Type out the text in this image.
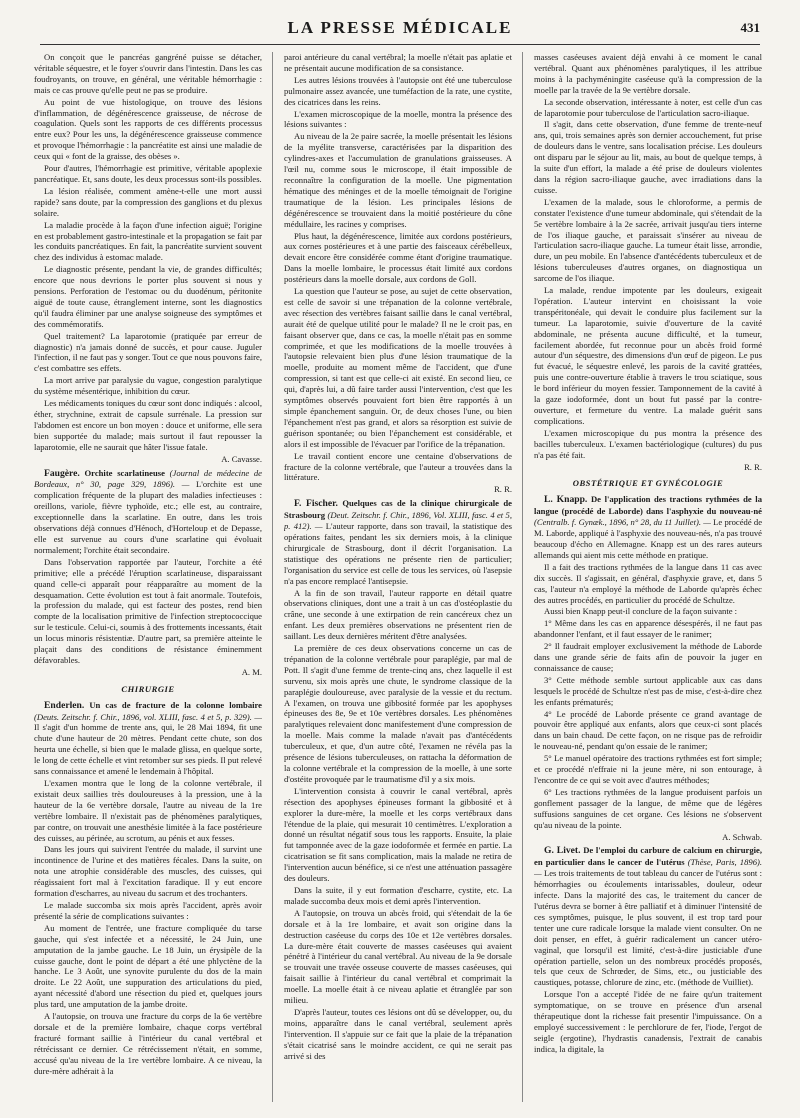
LA PRESSE MÉDICALE	431

On conçoit que le pancréas gangréné puisse se détacher, véritable séquestre, et le foyer s'ouvrir dans l'intestin. Dans les cas foudroyants, on trouve, en général, une véritable hémorrhagie : mais ce cas prouve qu'elle peut ne pas se produire.

Au point de vue histologique, on trouve des lésions d'inflammation, de dégénérescence graisseuse, de nécrose de coagulation. Quels sont les rapports de ces différents processus entre eux? Pour les uns, la dégénérescence graisseuse commence et provoque l'hémorrhagie : la pancréatite est ainsi une maladie de ceux qui « font de la graisse, des obèses ».

Pour d'autres, l'hémorrhagie est primitive, véritable apoplexie pancréatique. Et, sans doute, les deux processus sont-ils possibles.

La lésion réalisée, comment amène-t-elle une mort aussi rapide? sans doute, par la compression des ganglions et du plexus solaire.

La maladie procède à la façon d'une infection aiguë; l'origine en est probablement gastro-intestinale et la propagation se fait par les conduits pancréatiques. En fait, la pancréatite survient souvent chez des individus à estomac malade.

Le diagnostic présente, pendant la vie, de grandes difficultés; encore que nous devrions le porter plus souvent si nous y pensions. Perforation de l'estomac ou du duodénum, péritonite aiguë de toute cause, étranglement interne, sont les diagnostics qu'il faudra éliminer par une analyse soigneuse des symptômes et des commémoratifs.

Quel traitement? La laparotomie (pratiquée par erreur de diagnostic) n'a jamais donné de succès, et pour cause. Juguler l'infection, il ne faut pas y songer. Tout ce que nous pouvons faire, c'est combattre ses effets.

La mort arrive par paralysie du vague, congestion paralytique du système mésentérique, inhibition du cœur.

Les médicaments toniques du cœur sont donc indiqués : alcool, éther, strychnine, extrait de capsule surrénale. La pression sur l'abdomen est encore un bon moyen : douce et uniforme, elle sera bien supportée du malade; mais surtout il faut repousser la laparotomie, elle ne saurait que hâter l'issue fatale.

A. Cavasse.

Faugère. Orchite scarlatineuse (Journal de médecine de Bordeaux, n° 30, page 329, 1896). — L'orchite est une complication fréquente de la plupart des maladies infectieuses : oreillons, variole, fièvre typhoïde, etc.; elle est, au contraire, exceptionnelle dans la scarlatine. En outre, dans les trois observations déjà connues d'Hénoch, d'Horteloup et de Depasse, elle est survenue au cours d'une scarlatine qui évoluait normalement; l'orchite était secondaire.

Dans l'observation rapportée par l'auteur, l'orchite a été primitive; elle a précédé l'éruption scarlatineuse, disparaissant quand celle-ci apparaît pour réapparaître au moment de la desquamation. Cette évolution est tout à fait anormale. Toutefois, la profession du malade, qui est facteur des postes, rend bien compte de la localisation primitive de l'infection streptococcique sur le testicule. Celui-ci, soumis à des frottements incessants, était un locus minoris résistentiæ. D'autre part, sa première atteinte le plaçait dans des conditions de résistance éminemment défavorables.

A. M.
CHIRURGIE

Enderlen. Un cas de fracture de la colonne lombaire (Deuts. Zeitschr. f. Chir., 1896, vol. XLIII, fasc. 4 et 5, p. 329). — Il s'agit d'un homme de trente ans, qui, le 28 Mai 1894, fit une chute d'une hauteur de 20 mètres. Pendant cette chute, son dos heurta une échelle, si bien que le malade glissa, en quelque sorte, le long de cette échelle et vint retomber sur ses pieds. Il put relevé sans connaissance et amené le lendemain à l'hôpital.

L'examen montra que le long de la colonne vertébrale, il existait deux saillies très douloureuses à la pression, une à la hauteur de la 6e vertèbre dorsale, l'autre au niveau de la 1re vertèbre lombaire. Il n'existait pas de phénomènes paralytiques, par contre, on trouvait une anesthésie limitée à la face postérieure des cuisses, au périnée, au scrotum, au pénis et aux fesses.

Dans les jours qui suivirent l'entrée du malade, il survint une incontinence de l'urine et des matières fécales. Dans la suite, on nota une atrophie considérable des muscles, des cuisses, qui réagissaient fort mal à l'excitation faradique. Il y eut encore formation d'escharres, au niveau du sacrum et des trochanters.

Le malade succomba six mois après l'accident, après avoir présenté la série de complications suivantes :

Au moment de l'entrée, une fracture compliquée du tarse gauche, qui s'est infectée et a nécessité, le 24 Juin, une amputation de la jambe gauche. Le 18 Juin, un érysipèle de la cuisse gauche, dont le point de départ a été une phlyctène de la hanche. Le 3 Août, une synovite purulente du dos de la main droite. Le 22 Août, une suppuration des articulations du pied, ayant nécessité d'abord une résection du pied et, quelques jours plus tard, une amputation de la jambe droite.

A l'autopsie, on trouva une fracture du corps de la 6e vertèbre dorsale et de la première lombaire, chaque corps vertébral fracturé formant saillie à l'intérieur du canal vertébral et rétrécissant ce dernier. Ce rétrécissement n'était, en somme, accusé qu'au niveau de la 1re vertèbre lombaire. A ce niveau, la dure-mère adhérait à la

paroi antérieure du canal vertébral; la moelle n'était pas aplatie et ne présentait aucune modification de sa consistance.

Les autres lésions trouvées à l'autopsie ont été une tuberculose pulmonaire assez avancée, une tuméfaction de la rate, une cystite, des cicatrices dans les reins.

L'examen microscopique de la moelle, montra la présence des lésions suivantes :

Au niveau de la 2e paire sacrée, la moelle présentait les lésions de la myélite transverse, caractérisées par la disparition des cylindres-axes et l'accumulation de granulations graisseuses. A l'œil nu, comme sous le microscope, il était impossible de reconnaître la configuration de la moelle. Une pigmentation hématique des méninges et de la moelle témoignait de l'origine traumatique de la lésion. Les principales lésions de dégénérescence se trouvaient dans la moitié postérieure du cône médullaire, les racines y comprises.

Plus haut, la dégénérescence, limitée aux cordons postérieurs, aux cornes postérieures et à une partie des faisceaux cérébelleux, devait encore être considérée comme étant d'origine traumatique. Dans la moelle lombaire, le processus était limité aux cordons postérieurs dans la moelle dorsale, aux cordons de Goll.

La question que l'auteur se pose, au sujet de cette observation, est celle de savoir si une trépanation de la colonne vertébrale, avec résection des vertèbres faisant saillie dans le canal vertébral, aurait été de quelque utilité pour le malade? Il ne le croit pas, en faisant observer que, dans ce cas, la moelle n'était pas en somme comprimée, et que les modifications de la moelle trouvées à l'autopsie relevaient bien plus d'une lésion traumatique de la moelle, produite au moment même de l'accident, que d'une compression, si tant est que celle-ci ait existé. En second lieu, ce qui, d'après lui, a dû faire tarder aussi l'intervention, c'est que les symptômes observés pouvaient fort bien être rapportés à un simple épanchement sanguin. Or, de deux choses l'une, ou bien l'épanchement n'est pas grand, et alors sa résorption est suivie de guérison spontanée; ou bien l'épanchement est considérable, et alors il est impossible de l'évacuer par l'orifice de la trépanation.

Le travail contient encore une centaine d'observations de fracture de la colonne vertébrale, que l'auteur a trouvées dans la littérature.

R. R.

F. Fischer. Quelques cas de la clinique chirurgicale de Strasbourg (Deut. Zeitschr. f. Chir., 1896, Vol. XLIII, fasc. 4 et 5, p. 412). — L'auteur rapporte, dans son travail, la statistique des opérations faites, pendant les six derniers mois, à la clinique chirurgicale de Strasbourg, dont il décrit l'organisation. La statistique des opérations ne présente rien de particulier; l'organisation du service est celle de tous les services, où l'asepsie n'a pas encore remplacé l'antisepsie.

A la fin de son travail, l'auteur rapporte en détail quatre observations cliniques, dont une a trait à un cas d'ostéoplastie du crâne, une seconde à une extirpation de rein cancéreux chez un enfant. Les deux premières observations ne présentent rien de saillant. Les deux dernières méritent d'être analysées.

La première de ces deux observations concerne un cas de trépanation de la colonne vertébrale pour paraplégie, par mal de Pott. Il s'agit d'une femme de trente-cinq ans, chez laquelle il est survenu, six mois après une chute, le syndrome classique de la paraplégie douloureuse, avec paralysie de la vessie et du rectum. A l'examen, on trouva une gibbosité formée par les apophyses épineuses des 8e, 9e et 10e vertèbres dorsales. Les phénomènes paralytiques relevaient donc manifestement d'une compression de la moelle. Mais comme la malade n'avait pas d'antécédents tuberculeux, et que, d'un autre côté, l'examen ne révéla pas la présence de lésions tuberculeuses, on rattacha la déformation de la colonne vertébrale et la compression de la moelle, à une sorte d'ostéite provoquée par le traumatisme d'il y a six mois.

L'intervention consista à couvrir le canal vertébral, après résection des apophyses épineuses formant la gibbosité et à explorer la dure-mère, la moelle et les corps vertébraux dans l'étendue de la plaie, qui mesurait 10 centimètres. L'exploration a donné un résultat négatif sous tous les rapports. Ensuite, la plaie fut tamponnée avec de la gaze iodoformée et fermée en partie. La cicatrisation se fit sans complication, mais la malade ne retira de l'intervention aucun bénéfice, si ce n'est une atténuation passagère des douleurs.

Dans la suite, il y eut formation d'escharre, cystite, etc. La malade succomba deux mois et demi après l'intervention.

A l'autopsie, on trouva un abcès froid, qui s'étendait de la 6e dorsale et à la 1re lombaire, et avait son origine dans la destruction caséeuse du corps des 10e et 12e vertèbres dorsales. La dure-mère était couverte de masses caséeuses qui avaient pénétré à l'intérieur du canal vertébral. Au niveau de la 9e dorsale se trouvait une travée osseuse couverte de masses caséeuses, qui faisait saillie à l'intérieur du canal vertébral et comprimait la moelle. La moelle était à ce niveau aplatie et étranglée par son milieu.

D'après l'auteur, toutes ces lésions ont dû se développer, ou, du moins, apparaître dans le canal vertébral, seulement après l'intervention. Il s'appuie sur ce fait que la plaie de la trépanation s'était cicatrisé sans le moindre accident, ce qui ne serait pas arrivé si des

masses caséeuses avaient déjà envahi à ce moment le canal vertébral. Quant aux phénomènes paralytiques, il les attribue moins à la pachyméningite caséeuse qu'à la compression de la moelle par la travée de la 9e vertèbre dorsale.

La seconde observation, intéressante à noter, est celle d'un cas de laparotomie pour tuberculose de l'articulation sacro-iliaque.

Il s'agit, dans cette observation, d'une femme de trente-neuf ans, qui, trois semaines après son dernier accouchement, fut prise de douleurs dans le ventre, sans localisation précise. Les douleurs ont disparu par le séjour au lit, mais, au bout de quelque temps, à la suite d'un effort, la malade a été prise de douleurs violentes dans la région sacro-iliaque gauche, avec irradiations dans la cuisse.

L'examen de la malade, sous le chloroforme, a permis de constater l'existence d'une tumeur abdominale, qui s'étendait de la 5e vertèbre lombaire à la 2e sacrée, arrivait jusqu'au tiers interne de l'os iliaque gauche, et paraissait s'insérer au niveau de l'articulation sacro-iliaque gauche. La tumeur était lisse, arrondie, dure, un peu mobile. En l'absence d'antécédents tuberculeux et de lésions tuberculeuses d'autres organes, on diagnostiqua un sarcome de l'os iliaque.

La malade, rendue impotente par les douleurs, exigeait l'opération. L'auteur intervint en choisissant la voie transpéritonéale, qui devait le conduire plus facilement sur la tumeur. La laparotomie, suivie d'ouverture de la cavité abdominale, ne présenta aucune difficulté, et la tumeur, facilement abordée, fut reconnue pour un abcès froid formé autour d'un séquestre, des dimensions d'un œuf de pigeon. Le pus fut évacué, le séquestre enlevé, les parois de la cavité grattées, puis une contre-ouverture établie à travers le trou sciatique, sous le bord inférieur du moyen fessier. Tamponnement de la cavité à la gaze iodoformée, dont un bout fut passé par la contre-ouverture, et fermeture du ventre. La malade guérit sans complications.

L'examen microscopique du pus montra la présence des bacilles tuberculeux. L'examen bactériologique (cultures) du pus n'a pas été fait.

R. R.
OBSTÉTRIQUE ET GYNÉCOLOGIE

L. Knapp. De l'application des tractions rythmées de la langue (procédé de Laborde) dans l'asphyxie du nouveau-né (Centralb. f. Gynæk., 1896, n° 28, du 11 Juillet). — Le procédé de M. Laborde, appliqué à l'asphyxie des nouveau-nés, n'a pas trouvé beaucoup d'écho en Allemagne. Knapp est un des rares auteurs allemands qui aient mis cette méthode en pratique.

Il a fait des tractions rythmées de la langue dans 11 cas avec dix succès. Il s'agissait, en général, d'asphyxie grave, et, dans 5 cas, l'auteur n'a employé la méthode de Laborde qu'après échec des autres procédés, en particulier du procédé de Schultze.

Aussi bien Knapp peut-il conclure de la façon suivante :

1° Même dans les cas en apparence désespérés, il ne faut pas abandonner l'enfant, et il faut essayer de le ranimer;

2° Il faudrait employer exclusivement la méthode de Laborde dans une grande série de faits afin de pouvoir la juger en connaissance de cause;

3° Cette méthode semble surtout applicable aux cas dans lesquels le procédé de Schultze n'est pas de mise, c'est-à-dire chez les enfants prématurés;

4° Le procédé de Laborde présente ce grand avantage de pouvoir être appliqué aux enfants, alors que ceux-ci sont placés dans un bain chaud. De cette façon, on ne risque pas de refroidir le nouveau-né, pendant qu'on essaie de le ranimer;

5° Le manuel opératoire des tractions rythmées est fort simple; et ce procédé n'effraie ni la jeune mère, ni son entourage, à l'encontre de ce qui se voit avec d'autres méthodes;

6° Les tractions rythmées de la langue produisent parfois un gonflement passager de la langue, de même que de légères suffusions sanguines de cet organe. Ces lésions ne s'observent qu'au niveau de la pointe.

A. Schwab.

G. Livet. De l'emploi du carbure de calcium en chirurgie, en particulier dans le cancer de l'utérus (Thèse, Paris, 1896). — Les trois traitements de tout tableau du cancer de l'utérus sont : hémorrhagies ou écoulements intarissables, douleur, odeur infecte. Dans la majorité des cas, le traitement du cancer de l'utérus devra se borner à être palliatif et à diminuer l'intensité de ces symptômes, puisque, le plus souvent, il est trop tard pour tenter une cure radicale lorsque la malade vient consulter. On ne doit penser, en effet, à guérir radicalement un cancer utéro-vaginal, que lorsqu'il est limité, c'est-à-dire justiciable d'une opération partielle, selon un des nombreux procédés proposés, tels que ceux de Schrœder, de Sims, etc., ou justiciable des caustiques, potasse, chlorure de zinc, etc. (méthode de Vuilliet).

Lorsque l'on a accepté l'idée de ne faire qu'un traitement symptomatique, on se trouve en présence d'un arsenal thérapeutique dont la richesse fait presentir l'impuissance. On a employé successivement : le perchlorure de fer, l'iode, l'ergot de seigle (ergotine), l'hydrastis canadensis, l'extrait de canabis indica, la digitale, la
